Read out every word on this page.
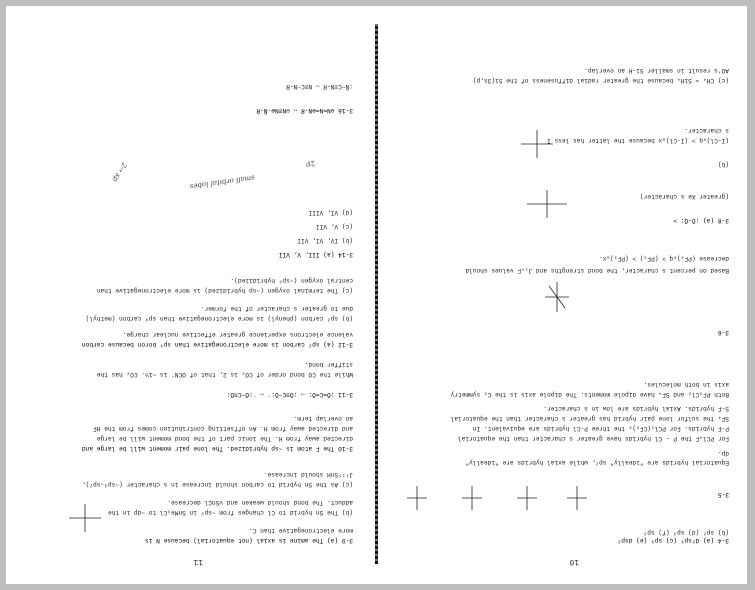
10
3-4 (a) d²sp³ (c) sp³ (e) dsp³
(b) sp² (d) sp³ (f) sp³
3-5
Equatorial hybrids are "ideally" sp², while axial hybrids are "ideally"
dp.
For PCl₄F the P - Cl hybrids have greater s character than the equatorial
P-F hybrids. For PCl₂(CF₃)₃ the three P-Cl hybrids are equivalent. In
SF₄ the sulfur lone pair hybrid has greater s character than the equatorial
S-F hybrids. Axial hybrids are low in s character.
Both PF₃Cl₂ and SF₄ have dipole moments. The dipole axis is the C₂ symmetry
axis in both molecules.
3-6
Based on percent s character, the bond strengths and J₁₉F values should
decrease (PF₃)ₑq > (PF₃) > (PF₃)ₐx.
3-8 (a) :Ö-Ö: >
(greater Xe s character)
(b)
(I-Cl)ₑq > (I-Cl)ₐx because the latter has less I
s character.
(c) CH₄ ≈ SiH₄ because the greater radial diffuseness of the Si(3s,p)
AO's result in smaller Si-H ao overlap.
11
3-9 (a) The amine is axial (not equatorial) because N is
more electronegative than C.
(b) The Sn hybrid to Cl changes from ~sp³ in SnMe₃Cl to ~dp in the
adduct. The bond should weaken and νSnCl decrease.
(c) As the Sn hybrid to carbon should increase in s character (~sp³→sp²),
J¹¹⁹SnH should increase.
3-10 The F atom is ~sp hybridized. The lone pair moment will be large and
directed away from H. The ionic part of the bond moment will be large
and directed away from H. An offsetting contribution comes from the HF
ao overlap term.
3-11 :Ö=C=Ö: ↔ :Ö≡C−Ö:⁻ ↔ ⁻:Ö−C≡Ö:
While the CO bond order of CO₂ is 2, that of OCN⁻ is ~1½. CO₂ has the
stiffer bond.
3-12 (a) sp² carbon is more electronegative than sp³ boron because carbon
valence electrons experience greater effective nuclear charge.
(b) sp² carbon (phenyl) is more electronegative than sp³ carbon (methyl)
due to greater s character of the former.
(c) The terminal oxygen (~sp hybridized) is more electronegative than
central oxygen (~sp² hybridized).
3-14 (a) III, V, VII
(b) IV, VI, VII
(c) V, VII
(d) VI, VIII
3-16 ⊖N=N=⊕N-R ↔ ⊖N≡N⊕-Ñ-R
:Ñ−C≡N-R ↔ N≡C−N-R
small orbital lobes
2p
2→ sp
